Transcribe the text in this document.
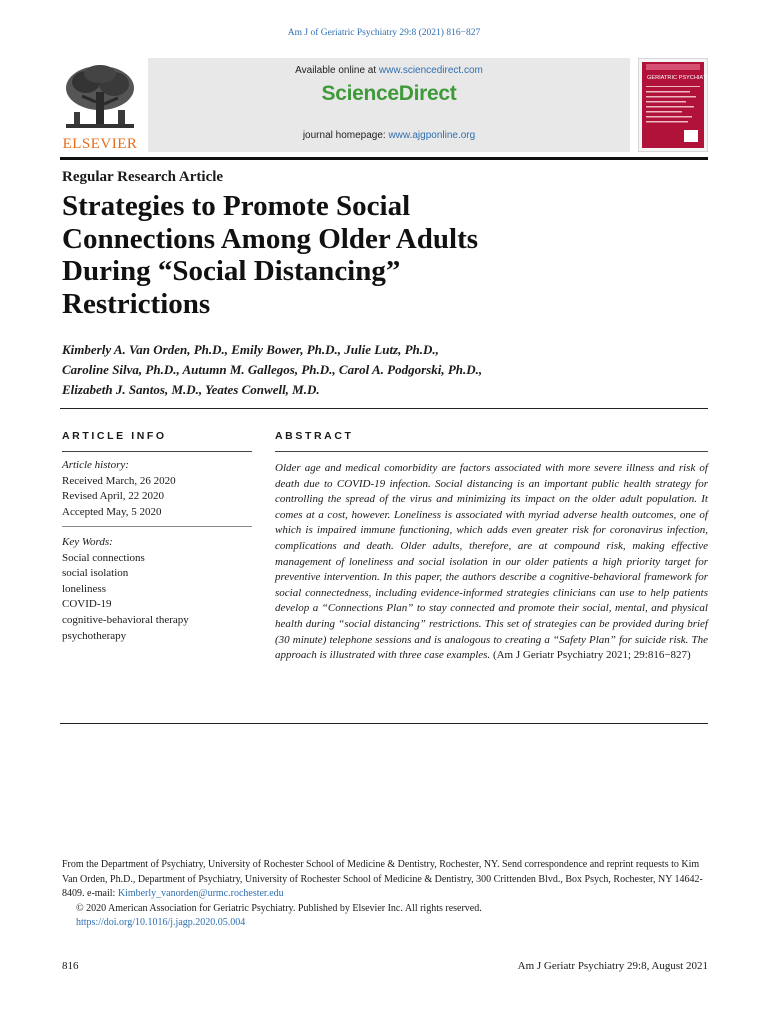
Am J of Geriatric Psychiatry 29:8 (2021) 816−827
ELSEVIER
Available online at www.sciencedirect.com
ScienceDirect
journal homepage: www.ajgponline.org
GERIATRIC PSYCHIATRY
Regular Research Article
Strategies to Promote Social
Connections Among Older Adults
During “Social Distancing”
Restrictions
Kimberly A. Van Orden, Ph.D., Emily Bower, Ph.D., Julie Lutz, Ph.D.,
Caroline Silva, Ph.D., Autumn M. Gallegos, Ph.D., Carol A. Podgorski, Ph.D.,
Elizabeth J. Santos, M.D., Yeates Conwell, M.D.
ARTICLE INFO
Article history:
Received March, 26 2020
Revised April, 22 2020
Accepted May, 5 2020
Key Words:
Social connections
social isolation
loneliness
COVID-19
cognitive-behavioral therapy
psychotherapy
ABSTRACT
Older age and medical comorbidity are factors associated with more severe illness and risk of death due to COVID-19 infection. Social distancing is an important public health strategy for controlling the spread of the virus and minimizing its impact on the older adult population. It comes at a cost, however. Loneliness is associated with myriad adverse health outcomes, one of which is impaired immune functioning, which adds even greater risk for coronavirus infection, complications and death. Older adults, therefore, are at compound risk, making effective management of loneliness and social isolation in our older patients a high priority target for preventive intervention. In this paper, the authors describe a cognitive-behavioral framework for social connectedness, including evidence-informed strategies clinicians can use to help patients develop a “Connections Plan” to stay connected and promote their social, mental, and physical health during “social distancing” restrictions. This set of strategies can be provided during brief (30 minute) telephone sessions and is analogous to creating a “Safety Plan” for suicide risk. The approach is illustrated with three case examples. (Am J Geriatr Psychiatry 2021; 29:816−827)

From the Department of Psychiatry, University of Rochester School of Medicine & Dentistry, Rochester, NY. Send correspondence and reprint requests to Kim Van Orden, Ph.D., Department of Psychiatry, University of Rochester School of Medicine & Dentistry, 300 Crittenden Blvd., Box Psych, Rochester, NY 14642-8409. e-mail: Kimberly_vanorden@urmc.rochester.edu

© 2020 American Association for Geriatric Psychiatry. Published by Elsevier Inc. All rights reserved.

https://doi.org/10.1016/j.jagp.2020.05.004

816	Am J Geriatr Psychiatry 29:8, August 2021
